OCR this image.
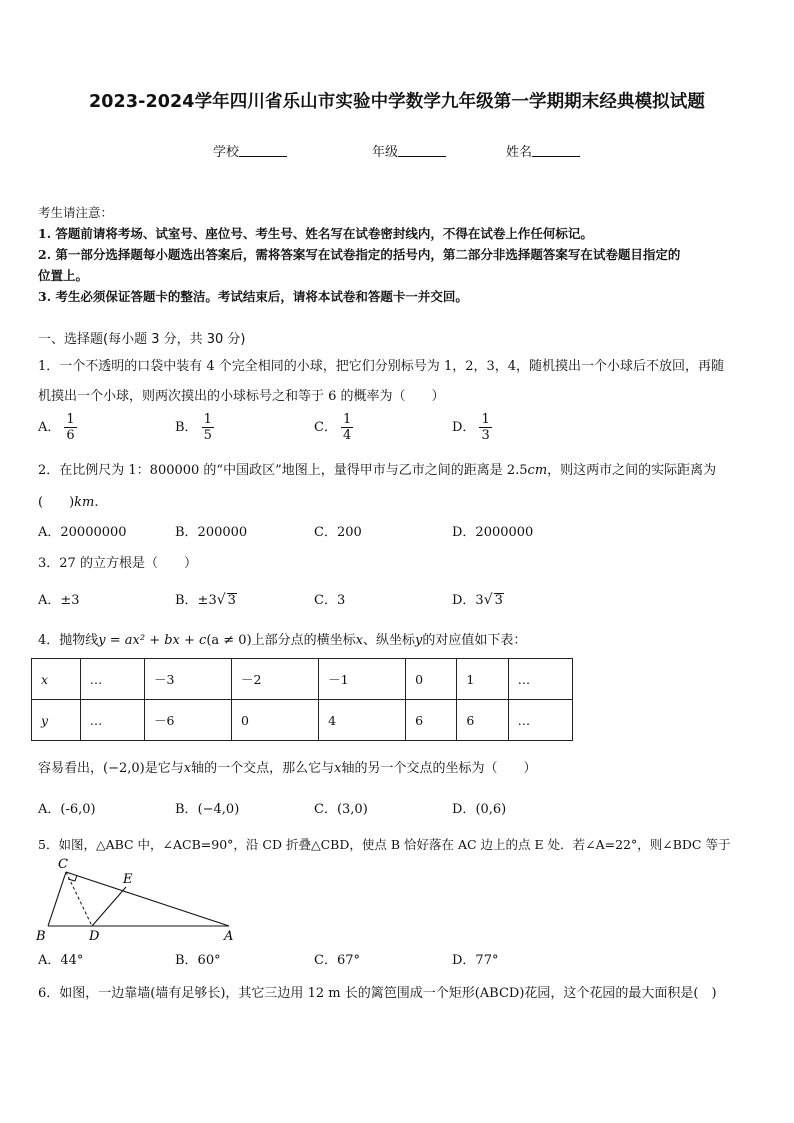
2023-2024学年四川省乐山市实验中学数学九年级第一学期期末经典模拟试题
学校	年级	姓名
考生请注意：
1. 答题前请将考场、试室号、座位号、考生号、姓名写在试卷密封线内，不得在试卷上作任何标记。
2. 第一部分选择题每小题选出答案后，需将答案写在试卷指定的括号内，第二部分非选择题答案写在试卷题目指定的
位置上。
3. 考生必须保证答题卡的整洁。考试结束后，请将本试卷和答题卡一并交回。
一、选择题(每小题 3 分，共 30 分)
1．一个不透明的口袋中装有 4 个完全相同的小球，把它们分别标号为 1，2，3，4，随机摸出一个小球后不放回，再随
机摸出一个小球，则两次摸出的小球标号之和等于 6 的概率为（　　）
A． $\frac{1}{6}$	B． $\frac{1}{5}$	C． $\frac{1}{4}$	D． $\frac{1}{3}$
2．在比例尺为 1：800000 的“中国政区”地图上，量得甲市与乙市之间的距离是 2.5cm，则这两市之间的实际距离为
(　　)km.
A．20000000	B．200000	C．200	D．2000000
3．27 的立方根是（　　）
A．±3	B．±3√ 3	C．3	D．3√ 3
4．抛物线y = ax² + bx + c(a ≠ 0)上部分点的横坐标x、纵坐标y的对应值如下表：
x	…	－3	－2	－1	0	1	…
y	…	－6	0	4	6	6	…
容易看出，(−2,0)是它与x轴的一个交点，那么它与x轴的另一个交点的坐标为（　　）
A．(-6,0)	B．(−4,0)	C．(3,0)	D．(0,6)
5．如图，△ABC 中，∠ACB=90°，沿 CD 折叠△CBD，使点 B 恰好落在 AC 边上的点 E 处．若∠A=22°，则∠BDC 等于
C
E
B	D	A
A．44°	B．60°	C．67°	D．77°
6．如图，一边靠墙(墙有足够长)，其它三边用 12 m 长的篱笆围成一个矩形(ABCD)花园，这个花园的最大面积是(　)
